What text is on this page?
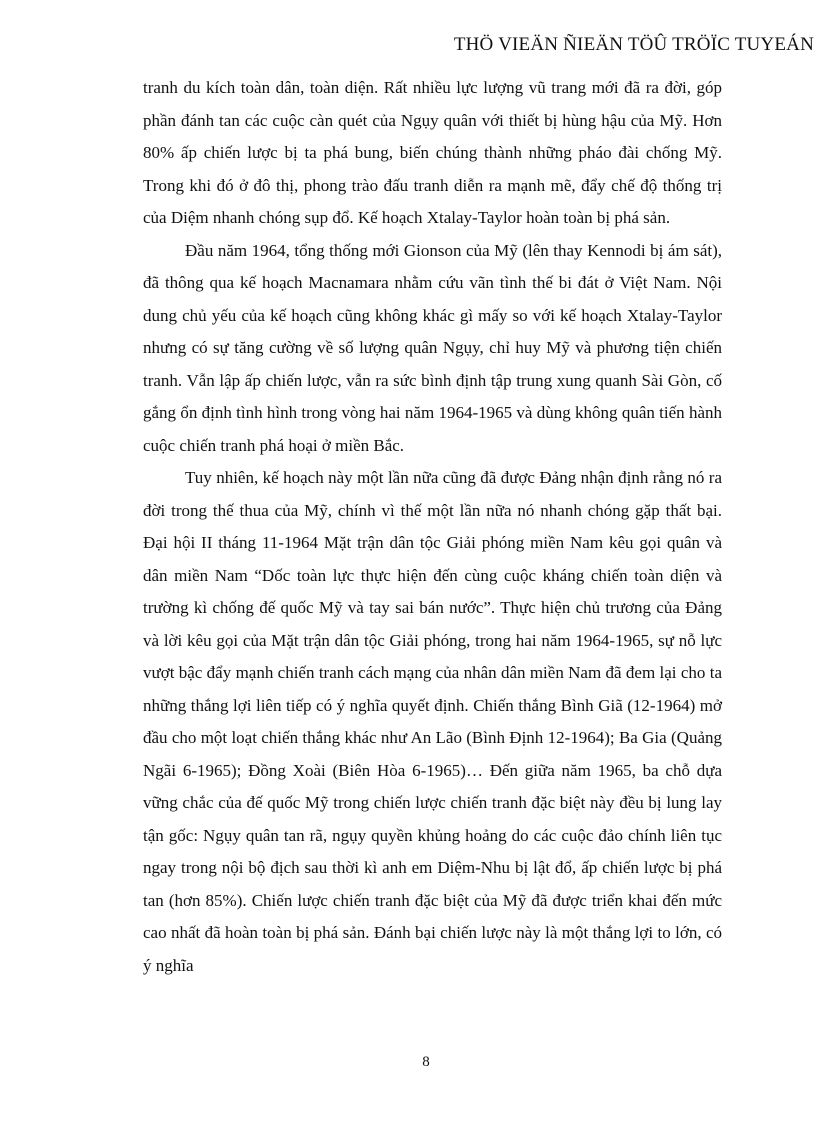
THÖ VIEÄN ÑIEÄN TÖÛ TRÖÏC TUYEÁN

tranh du kích toàn dân, toàn diện. Rất nhiều lực lượng vũ trang mới đã ra đời, góp phần đánh tan các cuộc càn quét của Ngụy quân với thiết bị hùng hậu của Mỹ. Hơn 80% ấp chiến lược bị ta phá bung, biến chúng thành những pháo đài chống Mỹ. Trong khi đó ở đô thị, phong trào đấu tranh diễn ra mạnh mẽ, đẩy chế độ thống trị của Diệm nhanh chóng sụp đổ. Kế hoạch Xtalay-Taylor hoàn toàn bị phá sản.

Đầu năm 1964, tổng thống mới Gionson của Mỹ (lên thay Kennodi bị ám sát), đã thông qua kế hoạch Macnamara nhằm cứu vãn tình thế bi đát ở Việt Nam. Nội dung chủ yếu của kế hoạch cũng không khác gì mấy so với kế hoạch Xtalay-Taylor nhưng có sự tăng cường về số lượng quân Ngụy, chỉ huy Mỹ và phương tiện chiến tranh. Vẫn lập ấp chiến lược, vẫn ra sức bình định tập trung xung quanh Sài Gòn, cố gắng ổn định tình hình trong vòng hai năm 1964-1965 và dùng không quân tiến hành cuộc chiến tranh phá hoại ở miền Bắc.

Tuy nhiên, kế hoạch này một lần nữa cũng đã được Đảng nhận định rằng nó ra đời trong thế thua của Mỹ, chính vì thế một lần nữa nó nhanh chóng gặp thất bại. Đại hội II tháng 11-1964 Mặt trận dân tộc Giải phóng miền Nam kêu gọi quân và dân miền Nam “Dốc toàn lực thực hiện đến cùng cuộc kháng chiến toàn diện và trường kì chống đế quốc Mỹ và tay sai bán nước”. Thực hiện chủ trương của Đảng và lời kêu gọi của Mặt trận dân tộc Giải phóng, trong hai năm 1964-1965, sự nỗ lực vượt bậc đẩy mạnh chiến tranh cách mạng của nhân dân miền Nam đã đem lại cho ta những thắng lợi liên tiếp có ý nghĩa quyết định. Chiến thắng Bình Giã (12-1964) mở đầu cho một loạt chiến thắng khác như An Lão (Bình Định 12-1964); Ba Gia (Quảng Ngãi 6-1965); Đồng Xoài (Biên Hòa 6-1965)… Đến giữa năm 1965, ba chỗ dựa vững chắc của đế quốc Mỹ trong chiến lược chiến tranh đặc biệt này đều bị lung lay tận gốc: Ngụy quân tan rã, ngụy quyền khủng hoảng do các cuộc đảo chính liên tục ngay trong nội bộ địch sau thời kì anh em Diệm-Nhu bị lật đổ, ấp chiến lược bị phá tan (hơn 85%). Chiến lược chiến tranh đặc biệt của Mỹ đã được triển khai đến mức cao nhất đã hoàn toàn bị phá sản. Đánh bại chiến lược này là một thắng lợi to lớn, có ý nghĩa

8
